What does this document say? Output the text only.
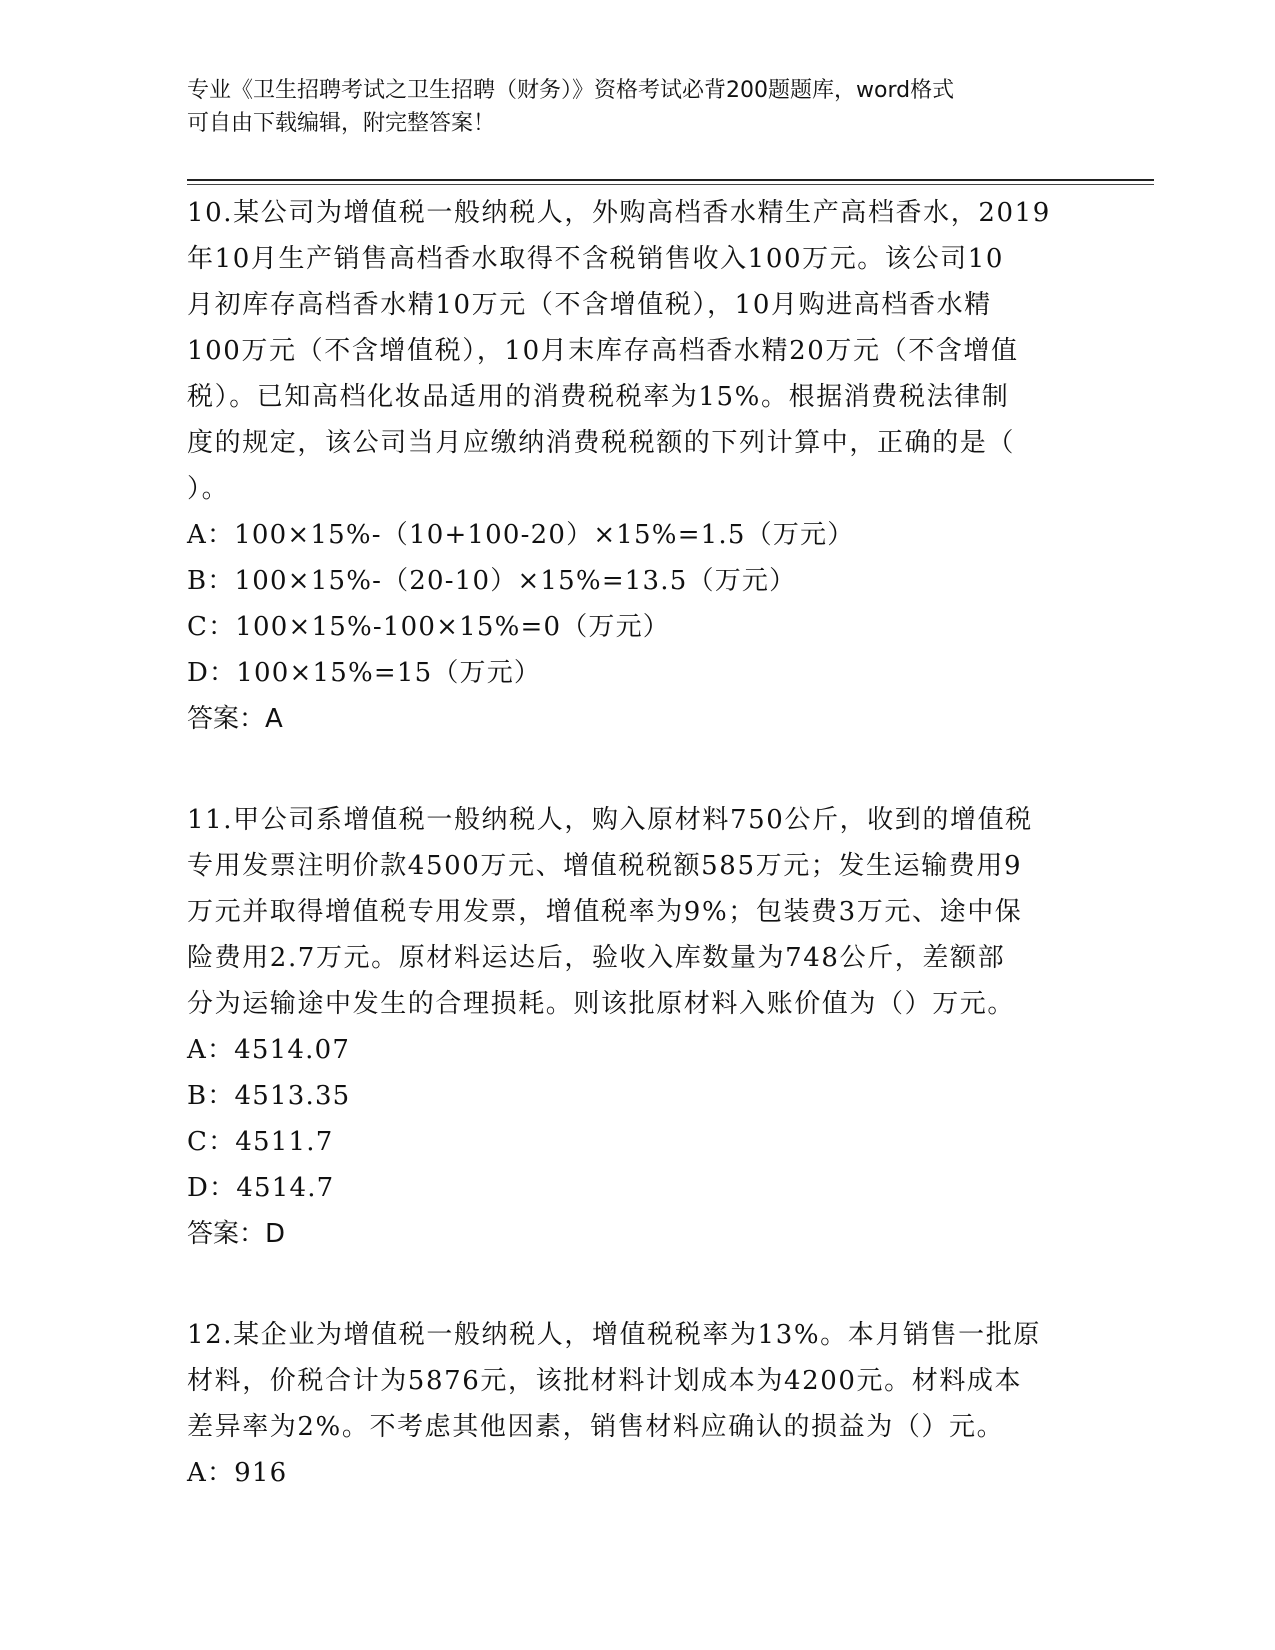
专业《卫生招聘考试之卫生招聘（财务）》资格考试必背200题题库，word格式
可自由下载编辑，附完整答案！
10.某公司为增值税一般纳税人，外购高档香水精生产高档香水，2019
年10月生产销售高档香水取得不含税销售收入100万元。该公司10
月初库存高档香水精10万元（不含增值税），10月购进高档香水精
100万元（不含增值税），10月末库存高档香水精20万元（不含增值
税）。已知高档化妆品适用的消费税税率为15%。根据消费税法律制
度的规定，该公司当月应缴纳消费税税额的下列计算中，正确的是（
）。
A：100×15%-（10+100-20）×15%=1.5（万元）
B：100×15%-（20-10）×15%=13.5（万元）
C：100×15%-100×15%=0（万元）
D：100×15%=15（万元）
答案：A
11.甲公司系增值税一般纳税人，购入原材料750公斤，收到的增值税
专用发票注明价款4500万元、增值税税额585万元；发生运输费用9
万元并取得增值税专用发票，增值税率为9%；包装费3万元、途中保
险费用2.7万元。原材料运达后，验收入库数量为748公斤，差额部
分为运输途中发生的合理损耗。则该批原材料入账价值为（）万元。
A：4514.07
B：4513.35
C：4511.7
D：4514.7
答案：D
12.某企业为增值税一般纳税人，增值税税率为13%。本月销售一批原
材料，价税合计为5876元，该批材料计划成本为4200元。材料成本
差异率为2%。不考虑其他因素，销售材料应确认的损益为（）元。
A：916
